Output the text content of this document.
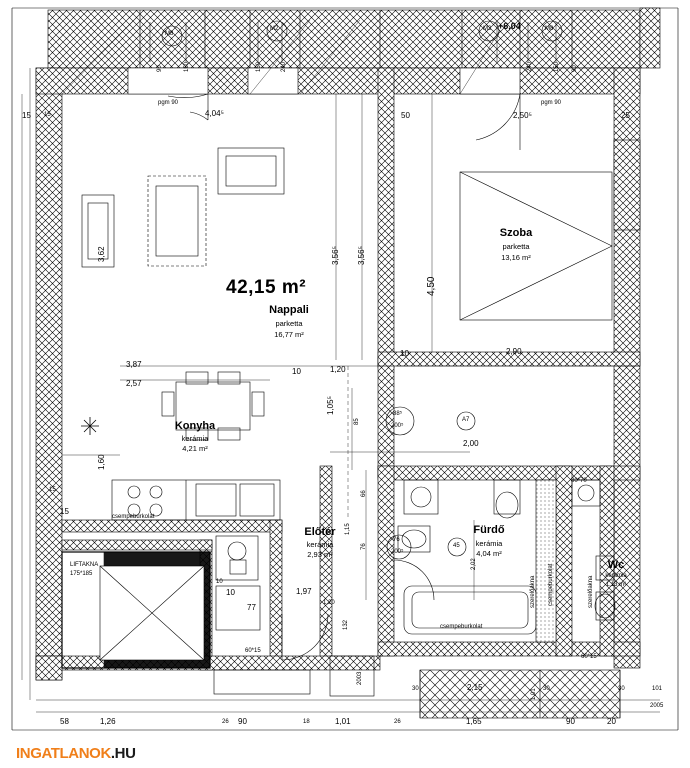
42,15 m²
Nappali
parketta
16,77 m²
Szoba
parketta
13,16 m²
Konyha
kerámia
4,21 m²
Előtér
kerámia
2,93 m²
Fürdő
kerámia
4,04 m²
Wc
kerámia
1,13 m²
LIFTAKNA
175*185
csempeburkolat
csempeburkolat
csempeburkolat
szerelőakna	szerelőakna
pgm 90	pgm 90
+6,04
M8
M2	M3	M8
90	150	150	240	240	150 90
15	4,04⁵	50	2,50⁵	25
3,62
1,60
15
3,56⁵ 3,56⁵
4,50
3,87
2,57
10	1,20
10	2,90
1,05⁵	88⁵
200⁵
2,00
66
1,15
76
200⁵
2,02
85
76
1,20
2003
132
77
1,97
10
2,15
30	1,01 30	101
2005
30
58	1,26	26 90	18	1,01	26	1,65	90	20
A7
45
80*70
60*15
60*15
15
15
10
INGATLANOK.HU
